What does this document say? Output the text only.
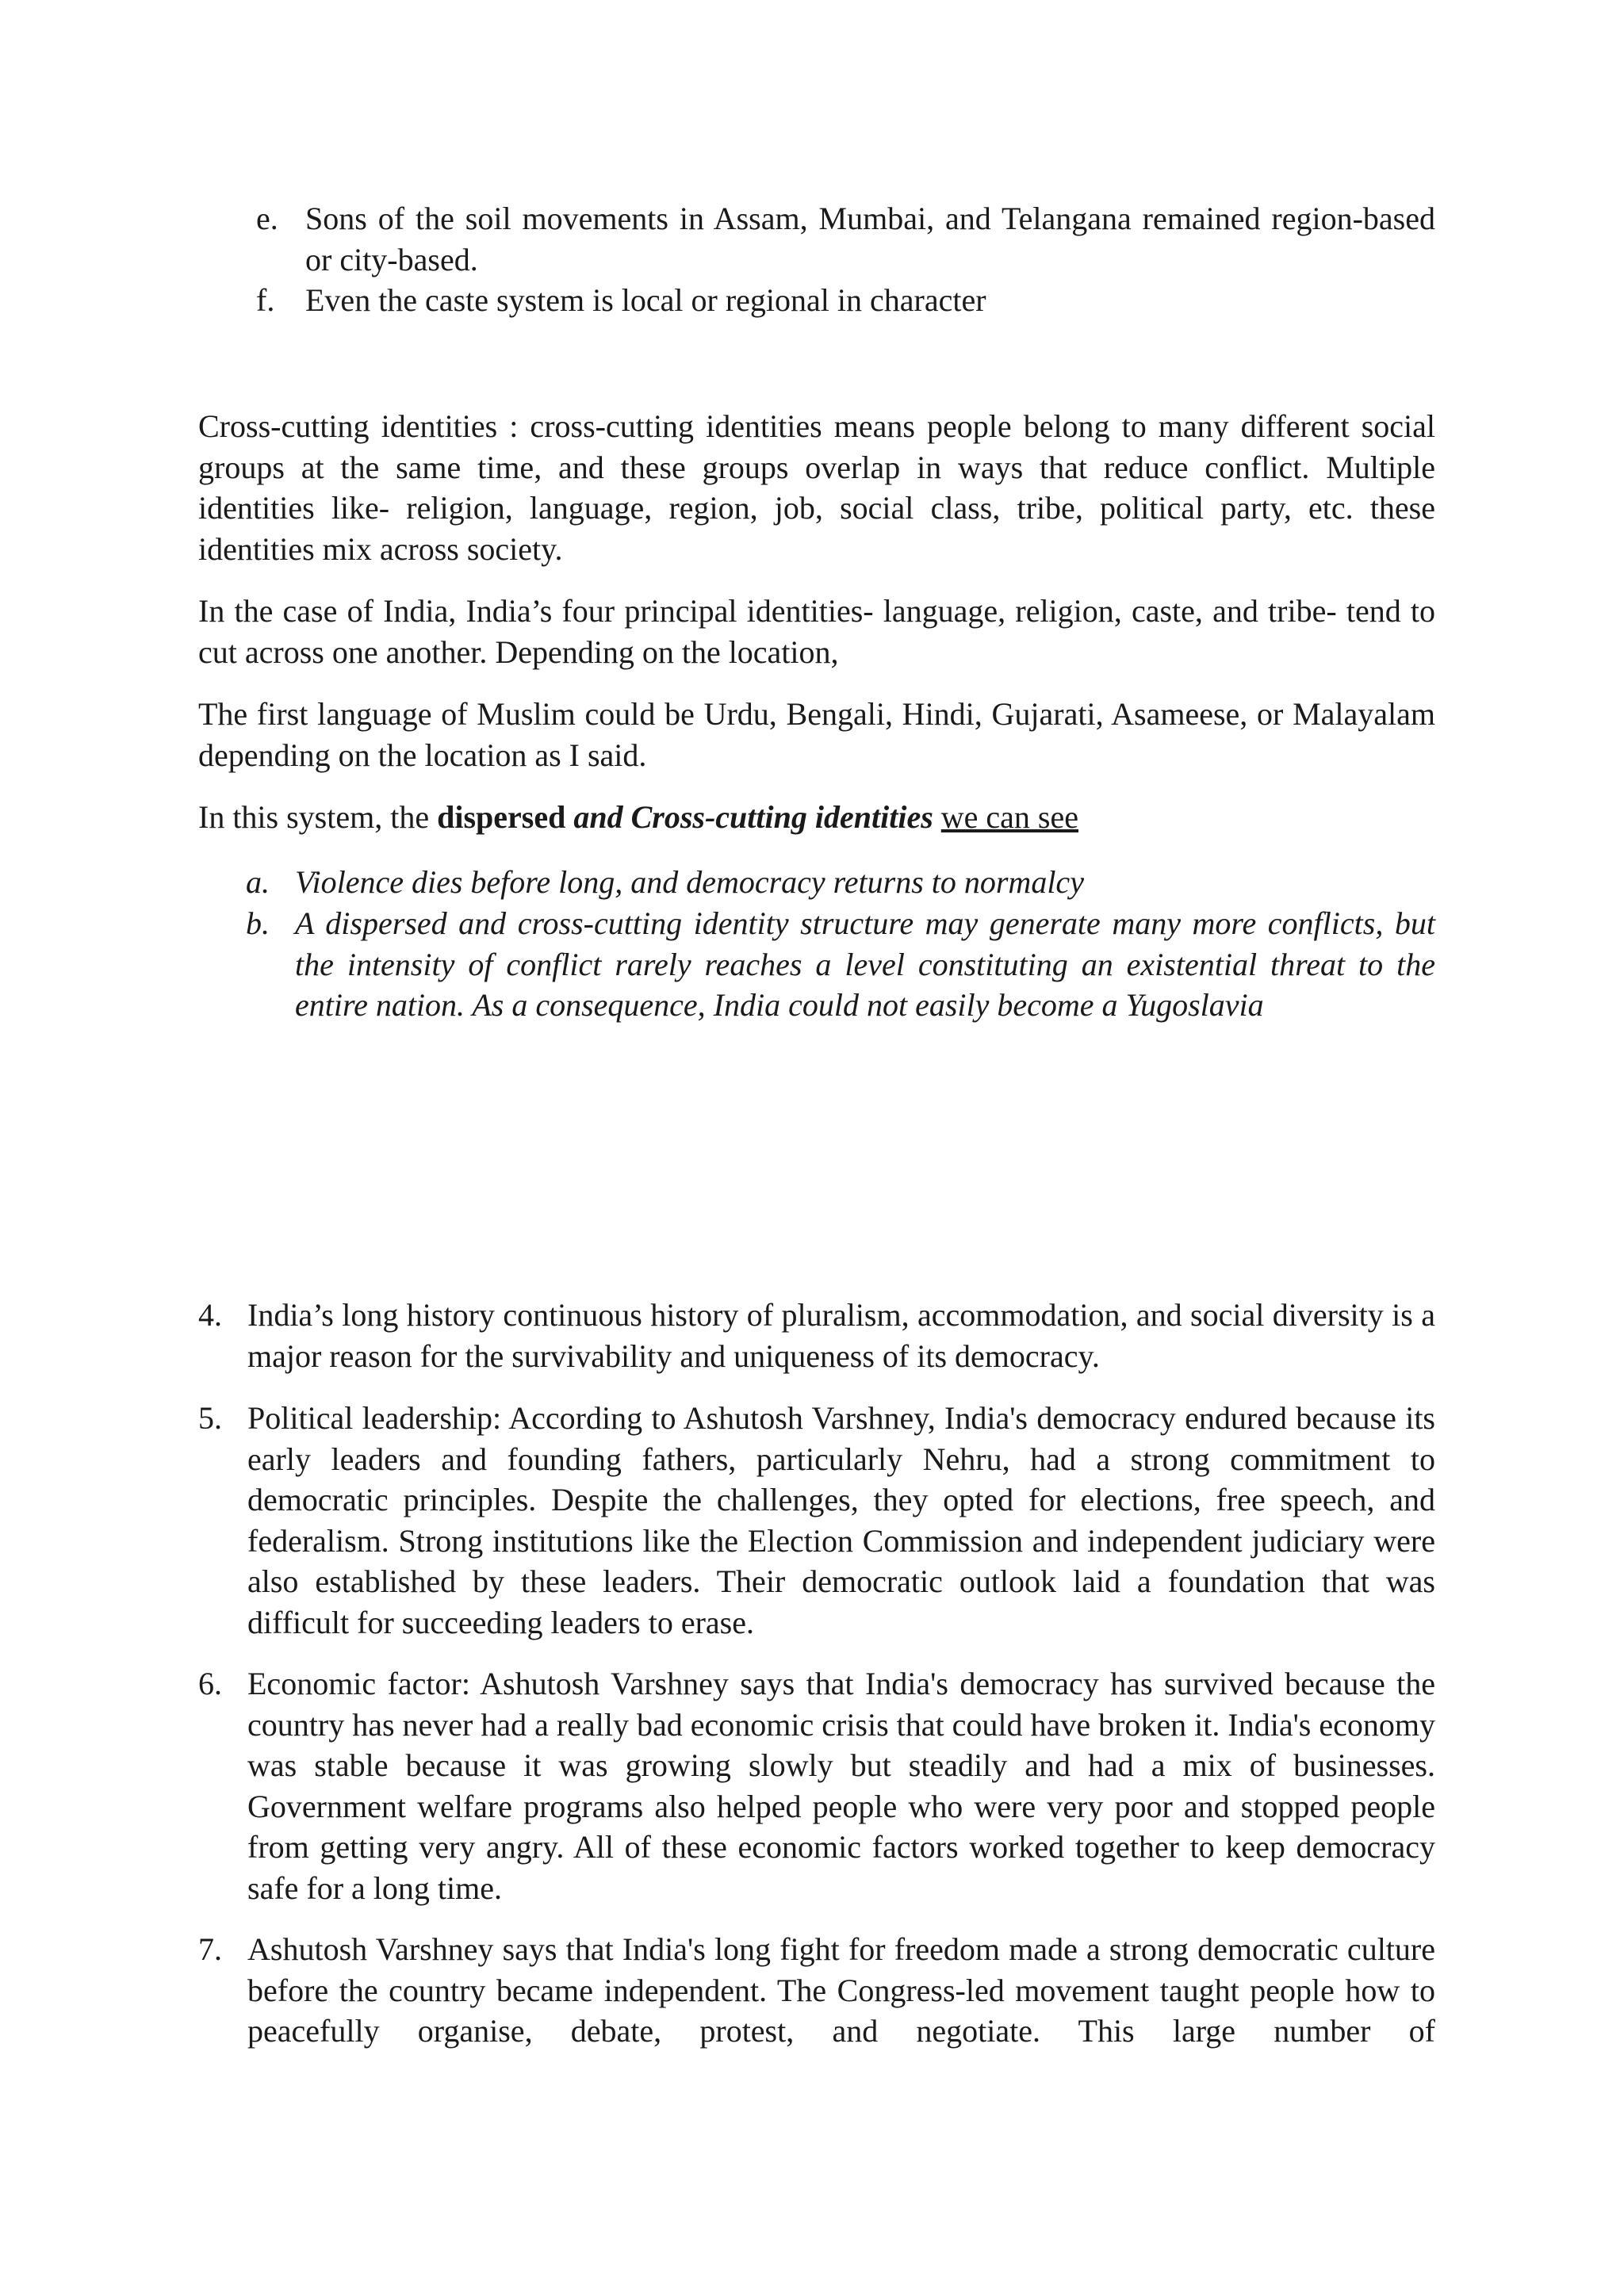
e. Sons of the soil movements in Assam, Mumbai, and Telangana remained region-based or city-based.

f. Even the caste system is local or regional in character

Cross-cutting identities : cross-cutting identities means people belong to many different social groups at the same time, and these groups overlap in ways that reduce conflict. Multiple identities like- religion, language, region, job, social class, tribe, political party, etc. these identities mix across society.

In the case of India, India’s four principal identities- language, religion, caste, and tribe- tend to cut across one another. Depending on the location,

The first language of Muslim could be Urdu, Bengali, Hindi, Gujarati, Asameese, or Malayalam depending on the location as I said.

In this system, the dispersed and Cross-cutting identities we can see

a. Violence dies before long, and democracy returns to normalcy

b. A dispersed and cross-cutting identity structure may generate many more conflicts, but the intensity of conflict rarely reaches a level constituting an existential threat to the entire nation. As a consequence, India could not easily become a Yugoslavia

4. India’s long history continuous history of pluralism, accommodation, and social diversity is a major reason for the survivability and uniqueness of its democracy.

5. Political leadership: According to Ashutosh Varshney, India's democracy endured because its early leaders and founding fathers, particularly Nehru, had a strong commitment to democratic principles. Despite the challenges, they opted for elections, free speech, and federalism. Strong institutions like the Election Commission and independent judiciary were also established by these leaders. Their democratic outlook laid a foundation that was difficult for succeeding leaders to erase.

6. Economic factor: Ashutosh Varshney says that India's democracy has survived because the country has never had a really bad economic crisis that could have broken it. India's economy was stable because it was growing slowly but steadily and had a mix of businesses. Government welfare programs also helped people who were very poor and stopped people from getting very angry. All of these economic factors worked together to keep democracy safe for a long time.

7. Ashutosh Varshney says that India's long fight for freedom made a strong democratic culture before the country became independent. The Congress-led movement taught people how to peacefully organise, debate, protest, and negotiate. This large number of
